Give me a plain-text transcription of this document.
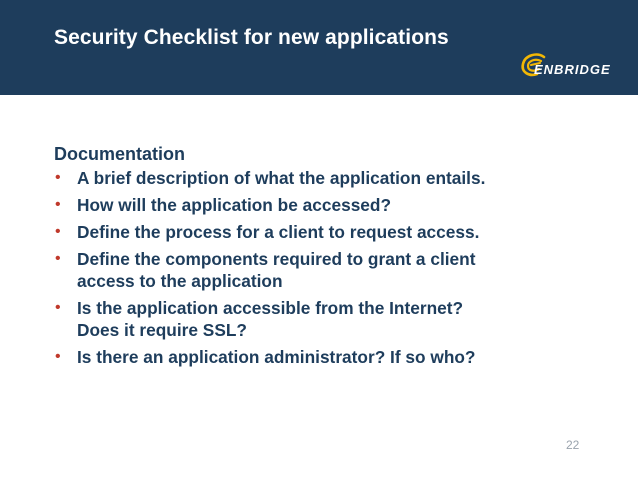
Security Checklist for new applications
ENBRIDGE
Documentation
• A brief description of what the application entails.
• How will the application be accessed?
• Define the process for a client to request access.
• Define the components required to grant a client
access to the application
• Is the application accessible from the Internet?
Does it require SSL?
• Is there an application administrator? If so who?
22
